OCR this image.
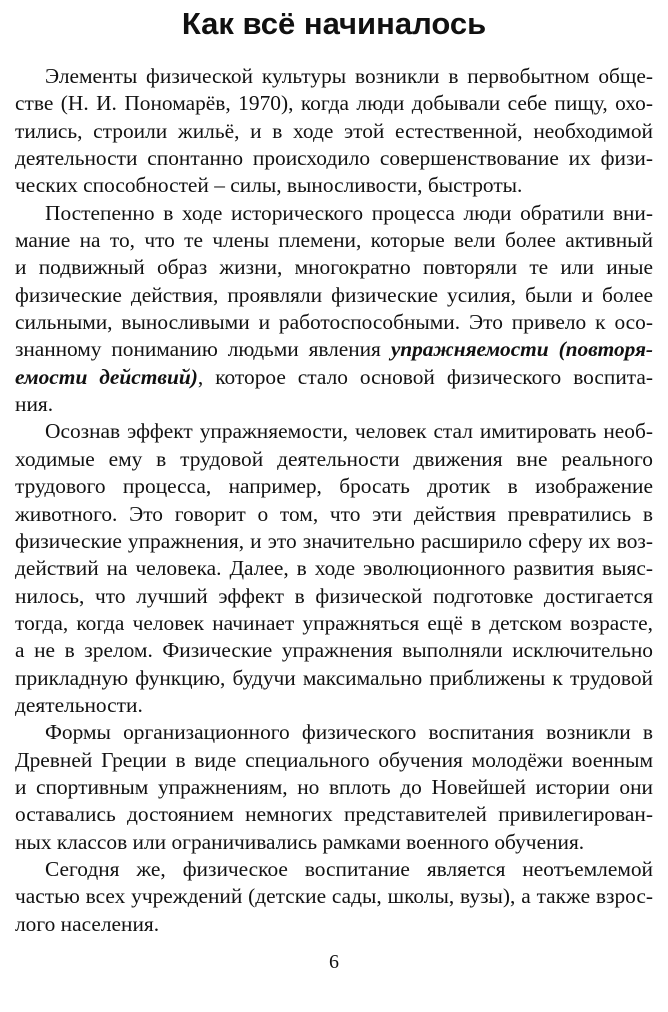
Как всё начиналось
Элементы физической культуры возникли в первобытном обще-
стве (Н. И. Пономарёв, 1970), когда люди добывали себе пищу, охо-
тились, строили жильё, и в ходе этой естественной, необходимой
деятельности спонтанно происходило совершенствование их физи-
ческих способностей – силы, выносливости, быстроты.
Постепенно в ходе исторического процесса люди обратили вни-
мание на то, что те члены племени, которые вели более активный
и подвижный образ жизни, многократно повторяли те или иные
физические действия, проявляли физические усилия, были и более
сильными, выносливыми и работоспособными. Это привело к осо-
знанному пониманию людьми явления упражняемости (повторя-
емости действий), которое стало основой физического воспита-
ния.
Осознав эффект упражняемости, человек стал имитировать необ-
ходимые ему в трудовой деятельности движения вне реального
трудового процесса, например, бросать дротик в изображение
животного. Это говорит о том, что эти действия превратились в
физические упражнения, и это значительно расширило сферу их воз-
действий на человека. Далее, в ходе эволюционного развития выяс-
нилось, что лучший эффект в физической подготовке достигается
тогда, когда человек начинает упражняться ещё в детском возрасте,
а не в зрелом. Физические упражнения выполняли исключительно
прикладную функцию, будучи максимально приближены к трудовой
деятельности.
Формы организационного физического воспитания возникли в
Древней Греции в виде специального обучения молодёжи военным
и спортивным упражнениям, но вплоть до Новейшей истории они
оставались достоянием немногих представителей привилегирован-
ных классов или ограничивались рамками военного обучения.
Сегодня же, физическое воспитание является неотъемлемой
частью всех учреждений (детские сады, школы, вузы), а также взрос-
лого населения.
6
